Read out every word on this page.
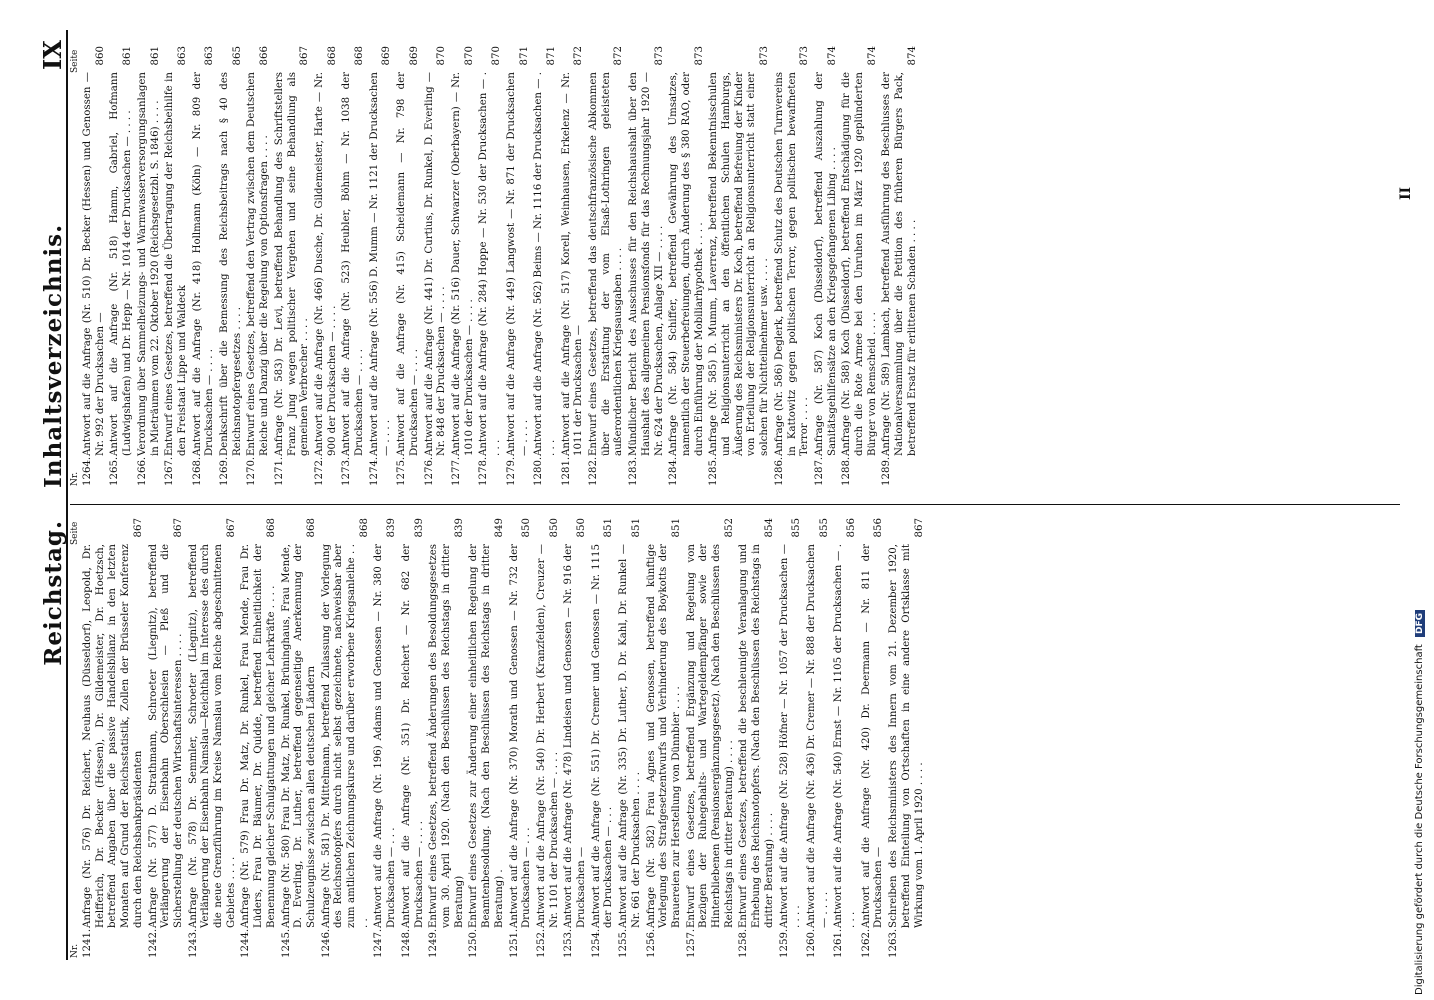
Reichstag.
Inhaltsverzeichnis.
IX
Nr.
Seite
Nr.
Seite
1241.
Anfrage (Nr. 576) Dr. Reichert, Neuhaus (Düsseldorf), Leopold, Dr. Helfferich, Dr. Becker (Hessen), Dr. Gildemeister, Dr. Hoetzsch, betreffend Angaben über die passive Handelsbilanz in den letzten Monaten auf Grund der Reichsstatistik, Zollen der Brüsseler Konferenz durch den Reichsbankpräsidenten
867
1242.
Anfrage (Nr. 577) D. Strathmann, Schroeter (Liegnitz), betreffend Verlängerung der Eisenbahn Oberschlesien — Pleß und die Sicherstellung der deutschen Wirtschaftsinteressen . . . .
867
1243.
Anfrage (Nr. 578) Dr. Semmler, Schroeter (Liegnitz), betreffend Verlängerung der Eisenbahn Namslau—Reichthal im Interesse des durch die neue Grenzführung im Kreise Namslau vom Reiche abgeschnittenen Gebietes . . . .
867
1244.
Anfrage (Nr. 579) Frau Dr. Matz, Dr. Runkel, Frau Mende, Frau Dr. Lüders, Frau Dr. Bäumer, Dr. Quidde, betreffend Einheitlichkeit der Benennung gleicher Schulgattungen und gleicher Lehrkräfte . . . .
868
1245.
Anfrage (Nr. 580) Frau Dr. Matz, Dr. Runkel, Brüninghaus, Frau Mende, D. Everling, Dr. Luther, betreffend gegenseitige Anerkennung der Schulzeugnisse zwischen allen deutschen Ländern
868
1246.
Anfrage (Nr. 581) Dr. Mittelmann, betreffend Zulassung der Vorlegung des Reichsnotopfers durch nicht selbst gezeichnete, nachweisbar aber zum amtlichen Zeichnungskurse und darüber erworbene Kriegsanleihe . . . .
868
1247.
Antwort auf die Anfrage (Nr. 196) Adams und Genossen — Nr. 380 der Drucksachen — . . .
839
1248.
Antwort auf die Anfrage (Nr. 351) Dr. Reichert — Nr. 682 der Drucksachen — . . . .
839
1249.
Entwurf eines Gesetzes, betreffend Änderungen des Besoldungsgesetzes vom 30. April 1920. (Nach den Beschlüssen des Reichstags in dritter Beratung)
839
1250.
Entwurf eines Gesetzes zur Änderung einer einheitlichen Regelung der Beamtenbesoldung. (Nach den Beschlüssen des Reichstags in dritter Beratung) .
849
1251.
Antwort auf die Anfrage (Nr. 370) Morath und Genossen — Nr. 732 der Drucksachen — . . .
850
1252.
Antwort auf die Anfrage (Nr. 540) Dr. Herbert (Kranzfelden), Creuzer — Nr. 1101 der Drucksachen — . . . .
850
1253.
Antwort auf die Anfrage (Nr. 478) Lindeisen und Genossen — Nr. 916 der Drucksachen —
850
1254.
Antwort auf die Anfrage (Nr. 551) Dr. Cremer und Genossen — Nr. 1115 der Drucksachen — . . .
851
1255.
Antwort auf die Anfrage (Nr. 335) Dr. Luther, D. Dr. Kahl, Dr. Runkel — Nr. 661 der Drucksachen . . . .
851
1256.
Anfrage (Nr. 582) Frau Agnes und Genossen, betreffend künftige Vorlegung des Strafgesetzentwurfs und Verhinderung des Boykotts der Brauereien zur Herstellung von Dünnbier . . . .
851
1257.
Entwurf eines Gesetzes, betreffend Ergänzung und Regelung von Bezügen der Ruhegehalts- und Wartegeldempfänger sowie der Hinterbliebenen (Pensionsergänzungsgesetz). (Nach den Beschlüssen des Reichstags in dritter Beratung) . . . .
852
1258.
Entwurf eines Gesetzes, betreffend die beschleunigte Veranlagung und Erhebung des Reichsnotopfers. (Nach den Beschlüssen des Reichstags in dritter Beratung) . . . .
854
1259.
Antwort auf die Anfrage (Nr. 528) Höfner — Nr. 1057 der Drucksachen — . . . .
855
1260.
Antwort auf die Anfrage (Nr. 436) Dr. Cremer — Nr. 888 der Drucksachen — . . . .
855
1261.
Antwort auf die Anfrage (Nr. 540) Ernst — Nr. 1105 der Drucksachen — . . . .
856
1262.
Antwort auf die Anfrage (Nr. 420) Dr. Deermann — Nr. 811 der Drucksachen —
856
1263.
Schreiben des Reichsministers des Innern vom 21. Dezember 1920, betreffend Einteilung von Ortschaften in eine andere Ortsklasse mit Wirkung vom 1. April 1920 . . . .
867
1264.
Antwort auf die Anfrage (Nr. 510) Dr. Becker (Hessen) und Genossen — Nr. 992 der Drucksachen —
860
1265.
Antwort auf die Anfrage (Nr. 518) Hamm, Gabriel, Hofmann (Ludwigshafen) und Dr. Hepp — Nr. 1014 der Drucksachen — . . . .
861
1266.
Verordnung über Sammelheizungs- und Warmwasserversorgungsanlagen in Mieträumen vom 22. Oktober 1920 (Reichsgesetzbl. S. 1846) . . . .
861
1267.
Entwurf eines Gesetzes, betreffend die Übertragung der Reichsbeihilfe in den Freistaat Lippe und Waldeck
863
1268.
Antwort auf die Anfrage (Nr. 418) Hollmann (Köln) — Nr. 809 der Drucksachen — . . . .
863
1269.
Denkschrift über die Bemessung des Reichsbeitrags nach § 40 des Reichsnotopfergesetzes . . . .
865
1270.
Entwurf eines Gesetzes, betreffend den Vertrag zwischen dem Deutschen Reiche und Danzig über die Regelung von Optionsfragen . . . .
866
1271.
Anfrage (Nr. 583) Dr. Levi, betreffend Behandlung des Schriftstellers Franz Jung wegen politischer Vergehen und seine Behandlung als gemeinen Verbrecher . . . .
867
1272.
Antwort auf die Anfrage (Nr. 466) Dusche, Dr. Gildemeister, Harte — Nr. 900 der Drucksachen — . . . .
868
1273.
Antwort auf die Anfrage (Nr. 523) Heubler, Böhm — Nr. 1038 der Drucksachen — . . . .
868
1274.
Antwort auf die Anfrage (Nr. 556) D. Mumm — Nr. 1121 der Drucksachen — . . . .
869
1275.
Antwort auf die Anfrage (Nr. 415) Scheidemann — Nr. 798 der Drucksachen — . . . .
869
1276.
Antwort auf die Anfrage (Nr. 441) Dr. Curtius, Dr. Runkel, D. Everling — Nr. 848 der Drucksachen — . . . .
870
1277.
Antwort auf die Anfrage (Nr. 516) Dauer, Schwarzer (Oberbayern) — Nr. 1010 der Drucksachen — . . . .
870
1278.
Antwort auf die Anfrage (Nr. 284) Hoppe — Nr. 530 der Drucksachen — . . . .
870
1279.
Antwort auf die Anfrage (Nr. 449) Langwost — Nr. 871 der Drucksachen — . . . .
871
1280.
Antwort auf die Anfrage (Nr. 562) Beims — Nr. 1116 der Drucksachen — . . . .
871
1281.
Antwort auf die Anfrage (Nr. 517) Korell, Weinhausen, Erkelenz — Nr. 1011 der Drucksachen —
872
1282.
Entwurf eines Gesetzes, betreffend das deutschfranzösische Abkommen über die Erstattung der vom Elsaß-Lothringen geleisteten außerordentlichen Kriegsausgaben . . . .
872
1283.
Mündlicher Bericht des Ausschusses für den Reichshaushalt über den Haushalt des allgemeinen Pensionsfonds für das Rechnungsjahr 1920 — Nr. 624 der Drucksachen, Anlage XII — . . . .
873
1284.
Anfrage (Nr. 584) Schiffer, betreffend Gewährung des Umsatzes, namentlich der Steuerbefreiungen, durch Änderung des § 380 RAO, oder durch Einführung der Mobiliarhypothek . . . .
873
1285.
Anfrage (Nr. 585) D. Mumm, Laverrenz, betreffend Bekenntnisschulen und Religionsunterricht an den öffentlichen Schulen Hamburgs, Äußerung des Reichsministers Dr. Koch, betreffend Befreiung der Kinder von Erteilung der Religionsunterricht an Religionsunterricht statt einer solchen für Nichtteilnehmer usw. . . . .
873
1286.
Anfrage (Nr. 586) Deglerk, betreffend Schutz des Deutschen Turnvereins in Kattowitz gegen politischen Terror, gegen politischen bewaffneten Terror . . . .
873
1287.
Anfrage (Nr. 587) Koch (Düsseldorf), betreffend Auszahlung der Sanitätsgehilfensätze an den Kriegsgefangenen Libing . . . .
874
1288.
Anfrage (Nr. 588) Koch (Düsseldorf), betreffend Entschädigung für die durch die Rote Armee bei den Unruhen im März 1920 geplünderten Bürger von Remscheid . . . .
874
1289.
Anfrage (Nr. 589) Lambach, betreffend Ausführung des Beschlusses der Nationalversammlung über die Petition des früheren Bürgers Pack, betreffend Ersatz für erlittenen Schaden . . . .
874
II
Digitalisierung gefördert durch die Deutsche Forschungsgemeinschaft DFG
